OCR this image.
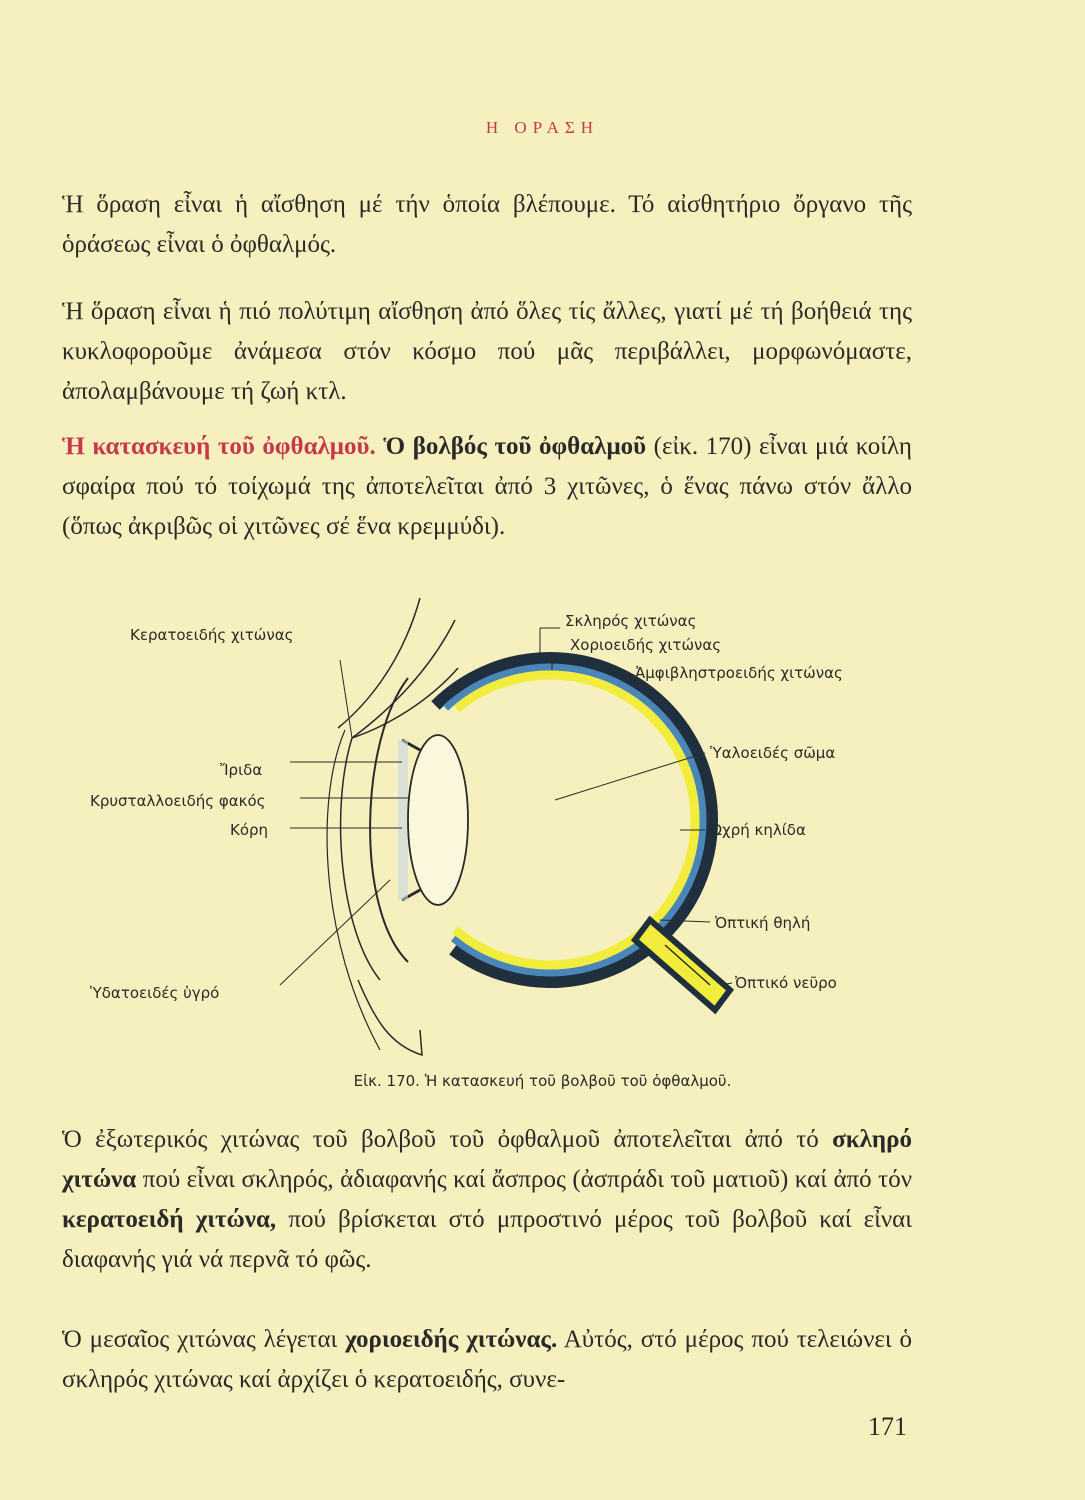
Η ΟΡΑΣΗ
Ἡ ὅραση εἶναι ἡ αἴσθηση μέ τήν ὁποία βλέπουμε. Τό αἰσθητήριο ὄργανο τῆς ὁράσεως εἶναι ὁ ὀφθαλμός.
Ἡ ὅραση εἶναι ἡ πιό πολύτιμη αἴσθηση ἀπό ὅλες τίς ἄλλες, γιατί μέ τή βοήθειά της κυκλοφοροῦμε ἀνάμεσα στόν κόσμο πού μᾶς περιβάλλει, μορφωνόμαστε, ἀπολαμβάνουμε τή ζωή κτλ.
Ἡ κατασκευή τοῦ ὀφθαλμοῦ. Ὁ βολβός τοῦ ὀφθαλμοῦ (εἰκ. 170) εἶναι μιά κοίλη σφαίρα πού τό τοίχωμά της ἀποτελεῖται ἀπό 3 χιτῶνες, ὁ ἕνας πάνω στόν ἄλλο (ὅπως ἀκριβῶς οἱ χιτῶνες σέ ἕνα κρεμμύδι).
Κερατοειδής χιτώνας
Ἴριδα
Κρυσταλλοειδής φακός
Κόρη
Ὑδατοειδές ὑγρό
Σκληρός χιτώνας
Χοριοειδής χιτώνας
Ἀμφιβληστροειδής χιτώνας
Ὑαλοειδές σῶμα
Ὠχρή κηλίδα
Ὀπτική θηλή
Ὀπτικό νεῦρο
Εἰκ. 170. Ἡ κατασκευή τοῦ βολβοῦ τοῦ ὀφθαλμοῦ.
Ὁ ἐξωτερικός χιτώνας τοῦ βολβοῦ τοῦ ὀφθαλμοῦ ἀποτελεῖται ἀπό τό σκληρό χιτώνα πού εἶναι σκληρός, ἀδιαφανής καί ἄσπρος (ἀσπράδι τοῦ ματιοῦ) καί ἀπό τόν κερατοειδή χιτώνα, πού βρίσκεται στό μπροστινό μέρος τοῦ βολβοῦ καί εἶναι διαφανής γιά νά περνᾶ τό φῶς.
Ὁ μεσαῖος χιτώνας λέγεται χοριοειδής χιτώνας. Αὐτός, στό μέρος πού τελειώνει ὁ σκληρός χιτώνας καί ἀρχίζει ὁ κερατοειδής, συνε-
171
